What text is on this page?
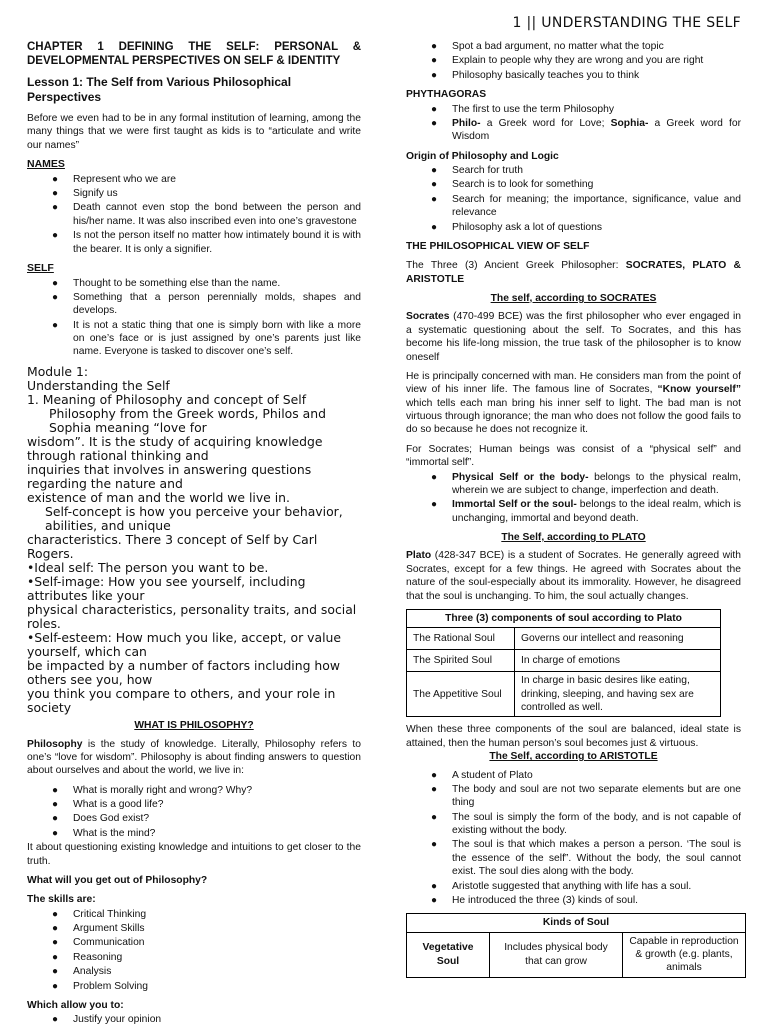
1 || UNDERSTANDING THE SELF
CHAPTER 1 DEFINING THE SELF: PERSONAL & DEVELOPMENTAL PERSPECTIVES ON SELF & IDENTITY
Lesson 1: The Self from Various Philosophical Perspectives

Before we even had to be in any formal institution of learning, among the many things that we were first taught as kids is to “articulate and write our names”

NAMES
● Represent who we are
● Signify us
● Death cannot even stop the bond between the person and his/her name. It was also inscribed even into one’s gravestone
● Is not the person itself no matter how intimately bound it is with the bearer. It is only a signifier.
SELF
● Thought to be something else than the name.
● Something that a person perennially molds, shapes and develops.
● It is not a static thing that one is simply born with like a more on one’s face or is just assigned by one’s parents just like name. Everyone is tasked to discover one’s self.
Module 1:
Understanding the Self
1. Meaning of Philosophy and concept of Self
Philosophy from the Greek words, Philos and Sophia meaning “love for
wisdom”. It is the study of acquiring knowledge through rational thinking and
inquiries that involves in answering questions regarding the nature and
existence of man and the world we live in.
Self-concept is how you perceive your behavior, abilities, and unique
characteristics. There 3 concept of Self by Carl Rogers.
•Ideal self: The person you want to be.
•Self-image: How you see yourself, including attributes like your
physical characteristics, personality traits, and social roles.
•Self-esteem: How much you like, accept, or value yourself, which can
be impacted by a number of factors including how others see you, how
you think you compare to others, and your role in society
WHAT IS PHILOSOPHY?

Philosophy is the study of knowledge. Literally, Philosophy refers to one’s “love for wisdom”. Philosophy is about finding answers to question about ourselves and about the world, we live in:

● What is morally right and wrong? Why?
● What is a good life?
● Does God exist?
● What is the mind?

It about questioning existing knowledge and intuitions to get closer to the truth.

What will you get out of Philosophy?
The skills are:
● Critical Thinking
● Argument Skills
● Communication
● Reasoning
● Analysis
● Problem Solving
Which allow you to:
● Justify your opinion
● Spot a bad argument, no matter what the topic
● Explain to people why they are wrong and you are right
● Philosophy basically teaches you to think
PHYTHAGORAS
● The first to use the term Philosophy
● Philo- a Greek word for Love; Sophia- a Greek word for Wisdom
Origin of Philosophy and Logic
● Search for truth
● Search is to look for something
● Search for meaning; the importance, significance, value and relevance
● Philosophy ask a lot of questions
THE PHILOSOPHICAL VIEW OF SELF

The Three (3) Ancient Greek Philosopher: SOCRATES, PLATO & ARISTOTLE

The self, according to SOCRATES

Socrates (470-499 BCE) was the first philosopher who ever engaged in a systematic questioning about the self. To Socrates, and this has become his life-long mission, the true task of the philosopher is to know oneself

He is principally concerned with man. He considers man from the point of view of his inner life. The famous line of Socrates, “Know yourself” which tells each man bring his inner self to light. The bad man is not virtuous through ignorance; the man who does not follow the good fails to do so because he does not recognize it.

For Socrates; Human beings was consist of a “physical self” and “immortal self”.

● Physical Self or the body- belongs to the physical realm, wherein we are subject to change, imperfection and death.
● Immortal Self or the soul- belongs to the ideal realm, which is unchanging, immortal and beyond death.
The Self, according to PLATO

Plato (428-347 BCE) is a student of Socrates. He generally agreed with Socrates, except for a few things. He agreed with Socrates about the nature of the soul-especially about its immorality. However, he disagreed that the soul is unchanging. To him, the soul actually changes.

Three (3) components of soul according to Plato	
The Rational Soul	Governs our intellect and reasoning
The Spirited Soul	In charge of emotions
The Appetitive Soul	In charge in basic desires like eating, drinking, sleeping, and having sex are controlled as well.

When these three components of the soul are balanced, ideal state is attained, then the human person’s soul becomes just & virtuous.

The Self, according to ARISTOTLE
● A student of Plato
● The body and soul are not two separate elements but are one thing
● The soul is simply the form of the body, and is not capable of existing without the body.
● The soul is that which makes a person a person. ‘The soul is the essence of the self”. Without the body, the soul cannot exist. The soul dies along with the body.
● Aristotle suggested that anything with life has a soul.
● He introduced the three (3) kinds of soul.
Kinds of Soul
Vegetative Soul	Includes physical body that can grow	Capable in reproduction & growth (e.g. plants, animals
